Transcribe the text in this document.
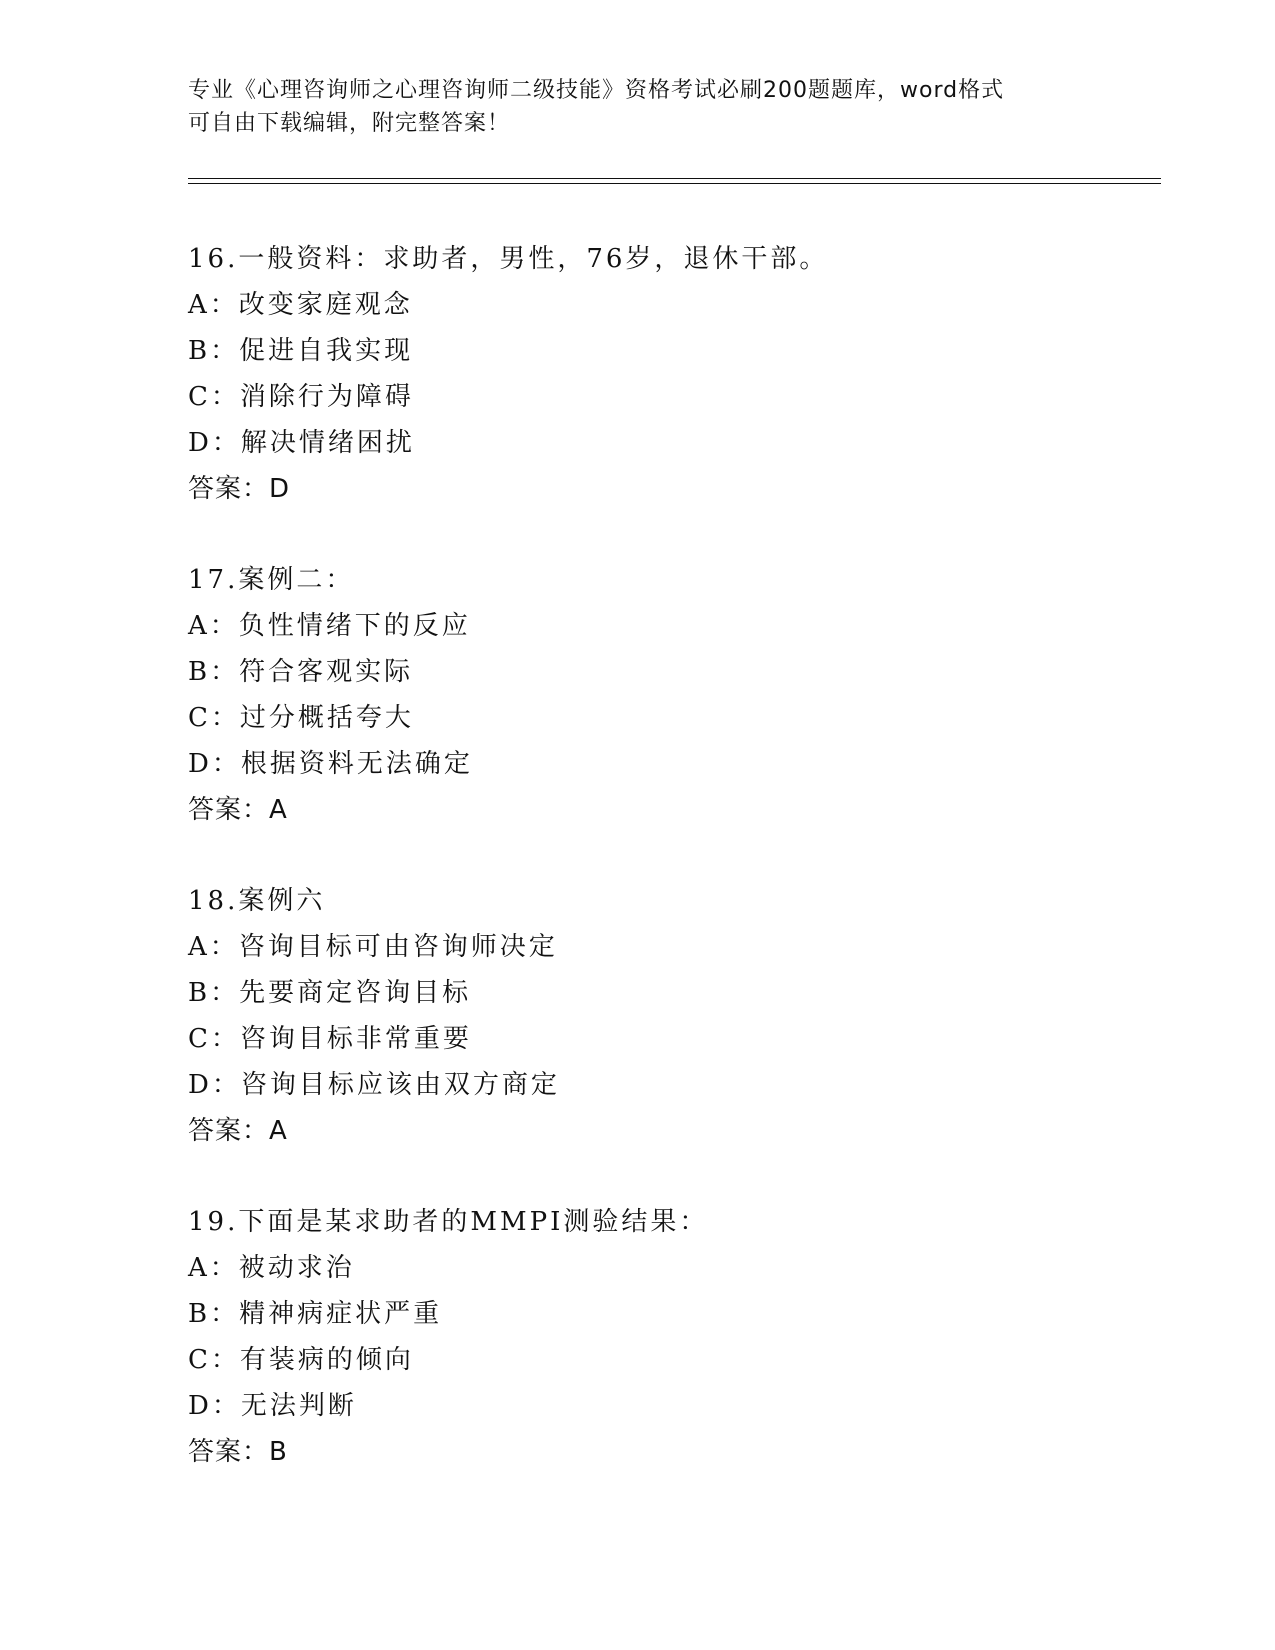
专业《心理咨询师之心理咨询师二级技能》资格考试必刷200题题库，word格式
可自由下载编辑，附完整答案！
16.一般资料：求助者，男性，76岁，退休干部。
A：改变家庭观念
B：促进自我实现
C：消除行为障碍
D：解决情绪困扰
答案：D
17.案例二：
A：负性情绪下的反应
B：符合客观实际
C：过分概括夸大
D：根据资料无法确定
答案：A
18.案例六
A：咨询目标可由咨询师决定
B：先要商定咨询目标
C：咨询目标非常重要
D：咨询目标应该由双方商定
答案：A
19.下面是某求助者的MMPI测验结果：
A：被动求治
B：精神病症状严重
C：有装病的倾向
D：无法判断
答案：B
